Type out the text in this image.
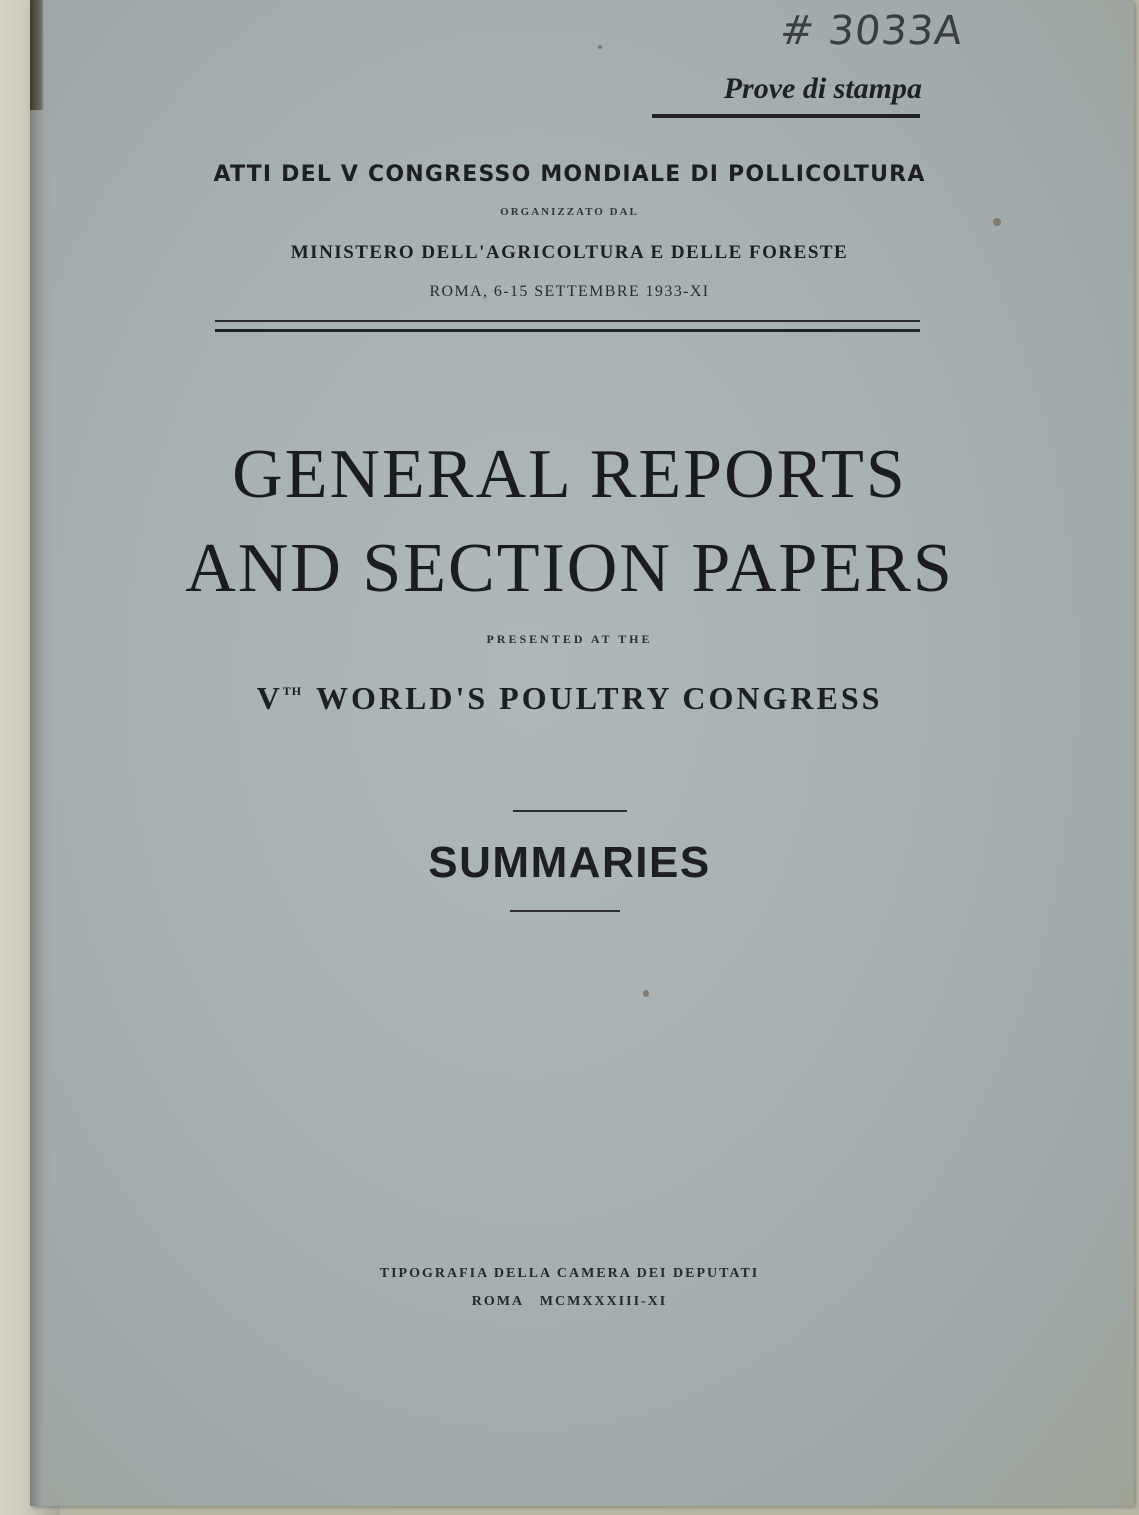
# 3033A
Prove di stampa
ATTI DEL V CONGRESSO MONDIALE DI POLLICOLTURA
ORGANIZZATO DAL
MINISTERO DELL'AGRICOLTURA E DELLE FORESTE
ROMA, 6-15 SETTEMBRE 1933-XI
GENERAL REPORTS
AND SECTION PAPERS
PRESENTED AT THE
VTH WORLD'S POULTRY CONGRESS
SUMMARIES
TIPOGRAFIA DELLA CAMERA DEI DEPUTATI
ROMA   MCMXXXIII-XI
